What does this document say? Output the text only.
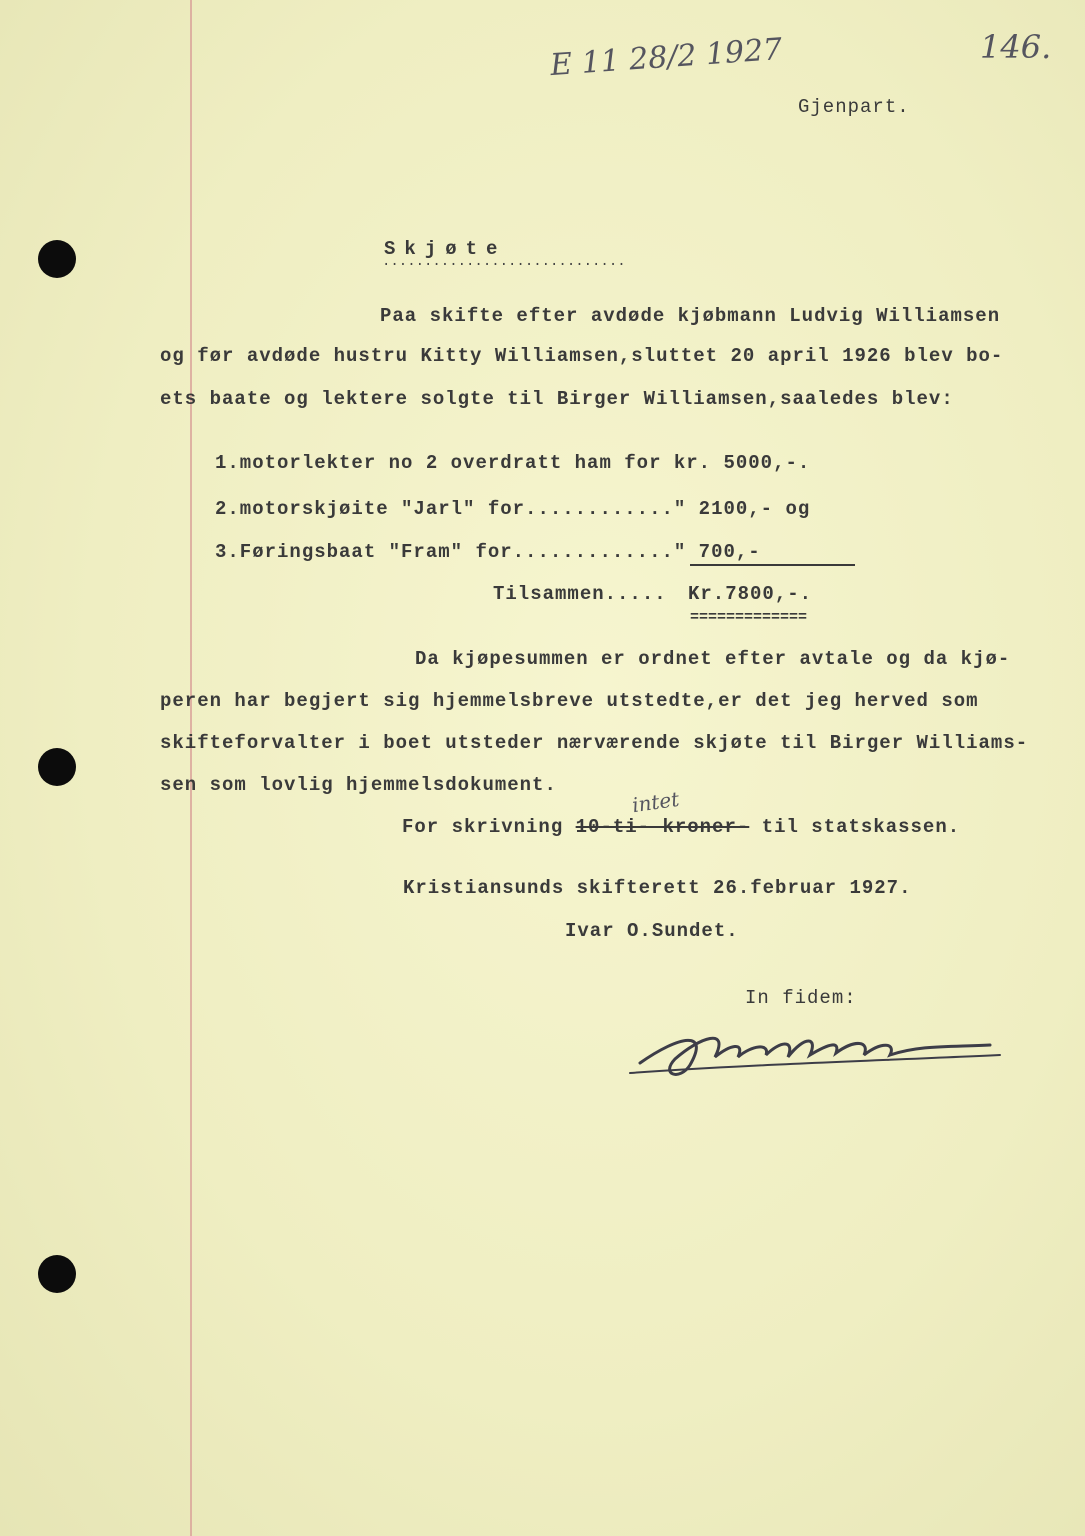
E 11 28/2 1927	146.
Gjenpart.
Skjøte
.............................
Paa skifte efter avdøde kjøbmann Ludvig Williamsen
og før avdøde hustru Kitty Williamsen,sluttet 20 april 1926 blev bo-
ets baate og lektere solgte til Birger Williamsen,saaledes blev:
1.motorlekter no 2 overdratt ham for kr. 5000,-.
2.motorskjøite "Jarl" for............" 2100,- og
3.Føringsbaat "Fram" for............." 700,-
Tilsammen..... Kr.7800,-.
=============
Da kjøpesummen er ordnet efter avtale og da kjø-
peren har begjert sig hjemmelsbreve utstedte,er det jeg herved som
skifteforvalter i boet utsteder nærværende skjøte til Birger Williams-
sen som lovlig hjemmelsdokument.
intet
For skrivning 10-ti- kroner- til statskassen.
Kristiansunds skifterett 26.februar 1927.
Ivar O.Sundet.
In fidem:
